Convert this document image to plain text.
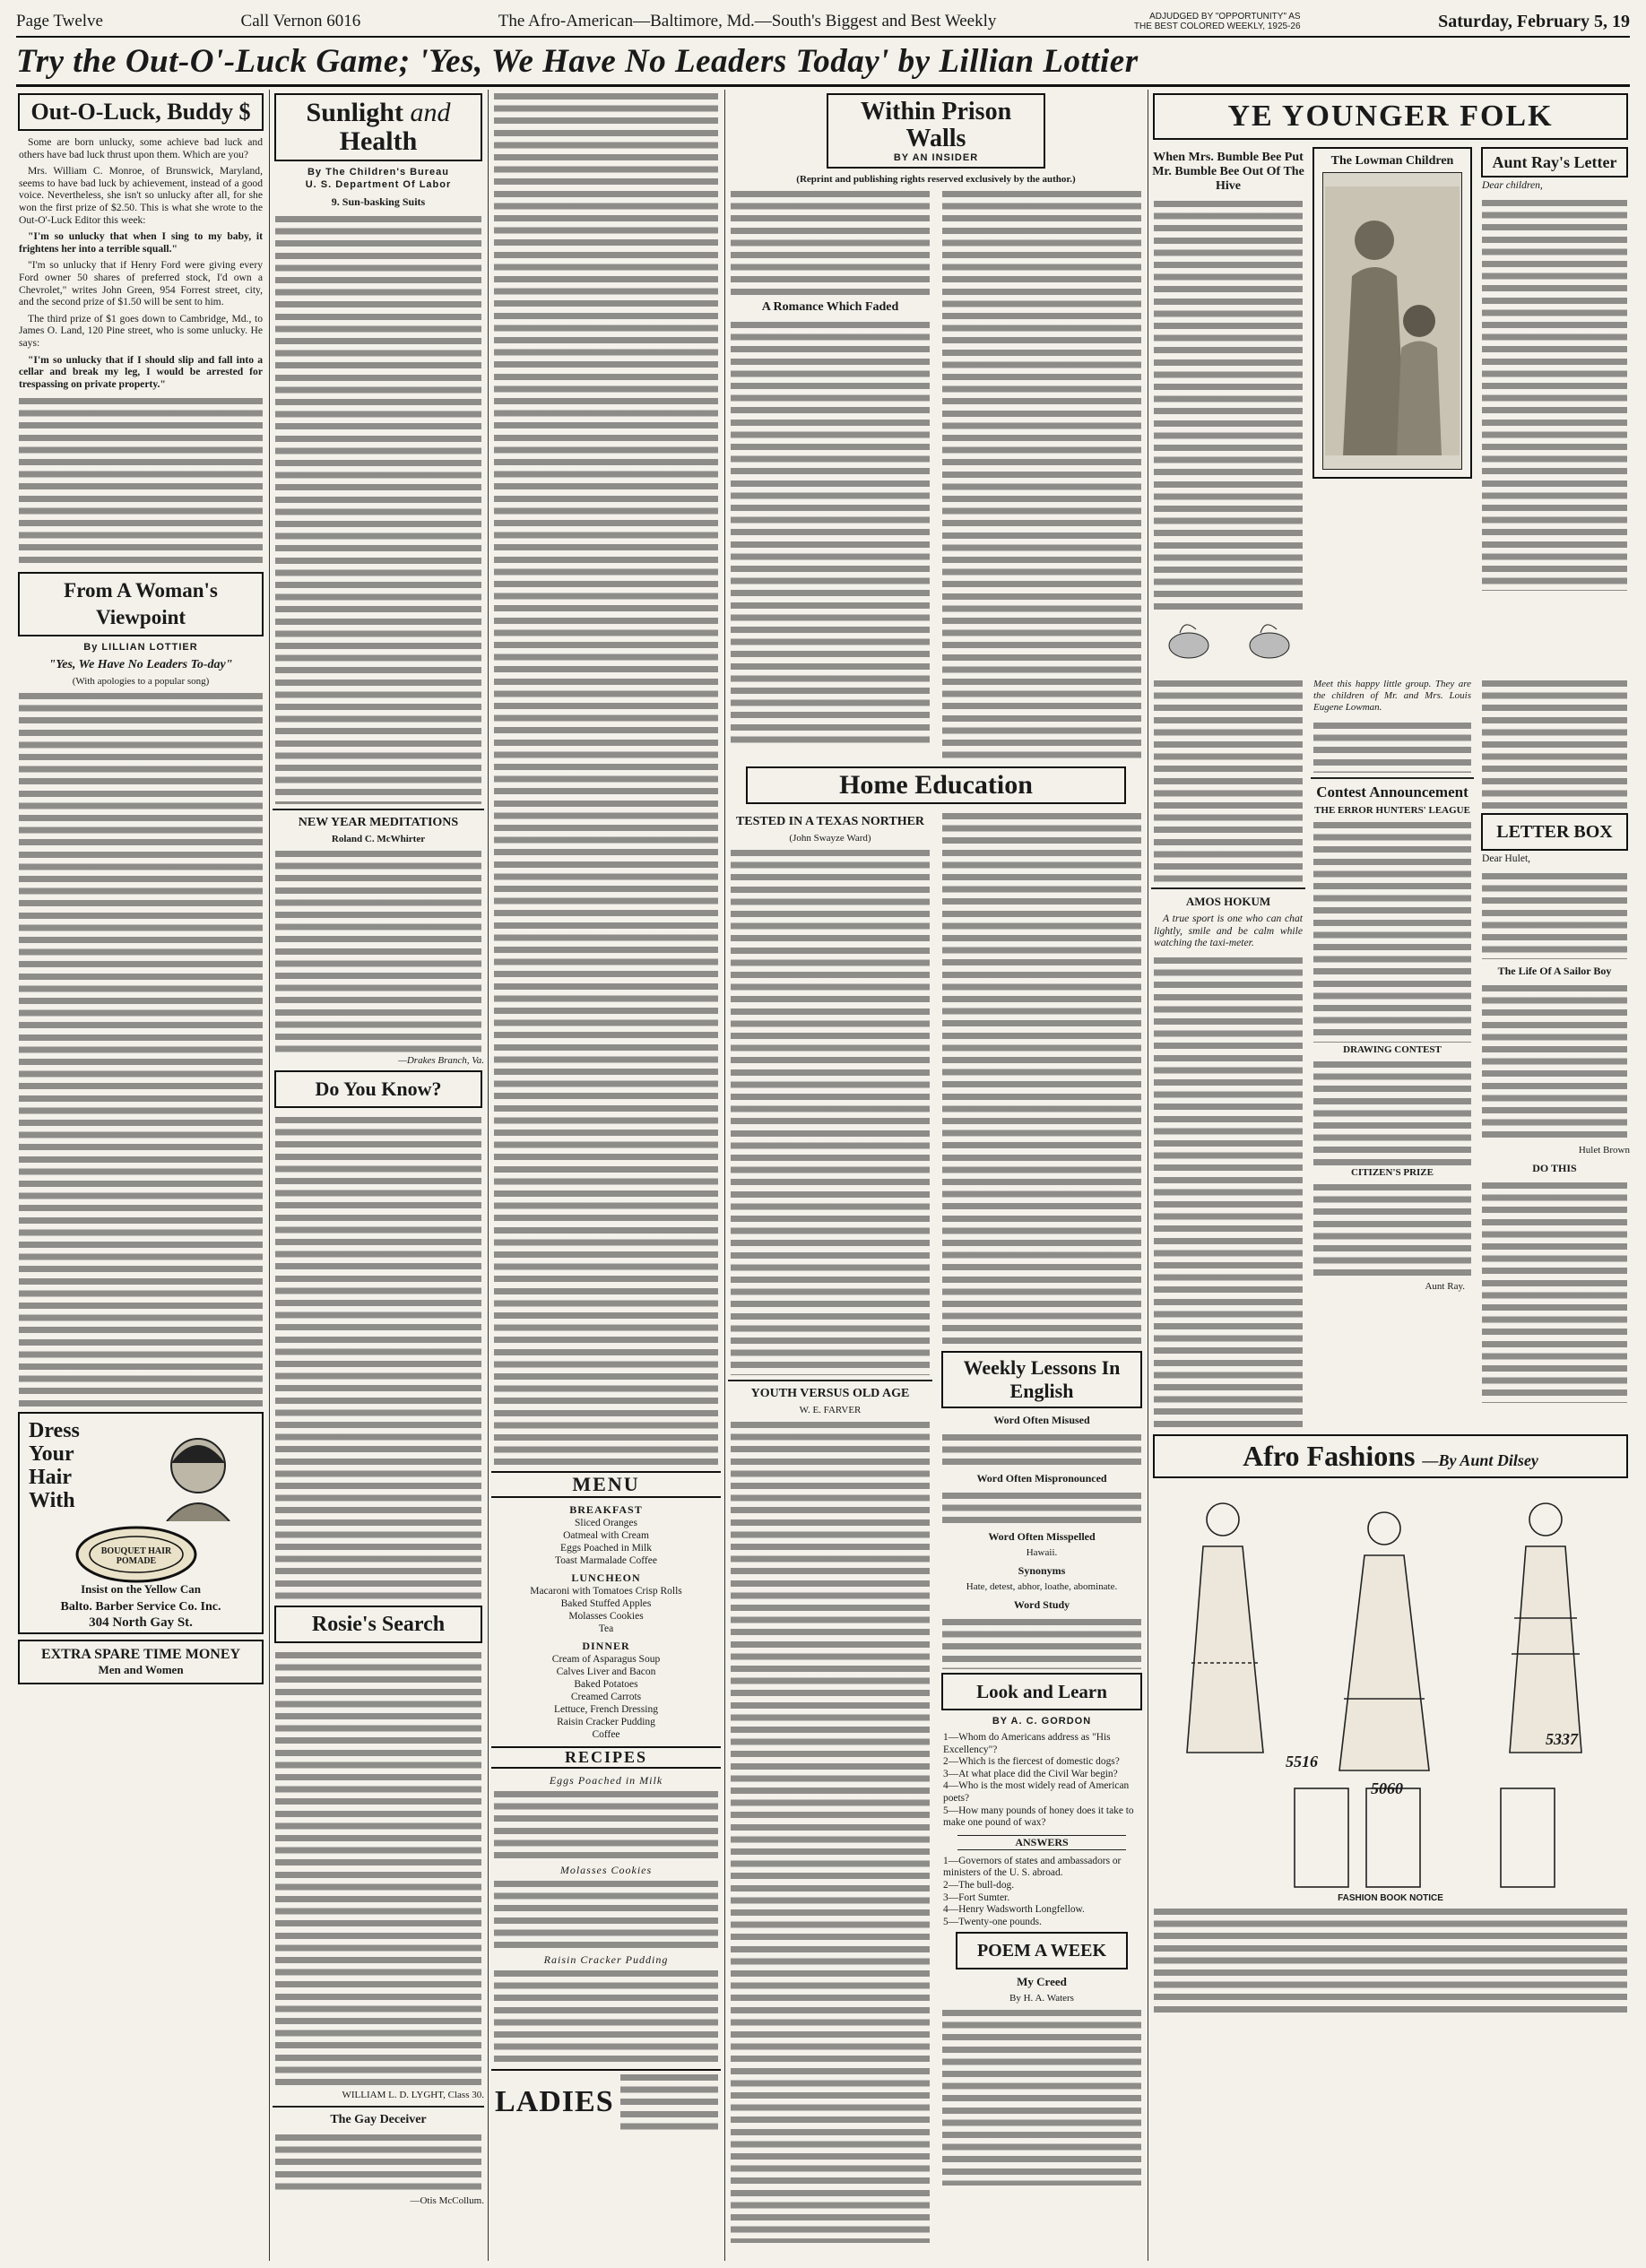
Page Twelve	Call Vernon 6016	The Afro-American—Baltimore, Md.—South's Biggest and Best Weekly	ADJUDGED BY "OPPORTUNITY" AS
THE BEST COLORED WEEKLY, 1925-26	Saturday, February 5, 19
Try the Out-O'-Luck Game; 'Yes, We Have No Leaders Today' by Lillian Lottier
Out-O-Luck, Buddy $

Some are born unlucky, some achieve bad luck and others have bad luck thrust upon them. Which are you?

Mrs. William C. Monroe, of Brunswick, Maryland, seems to have bad luck by achievement, instead of a good voice. Nevertheless, she isn't so unlucky after all, for she won the first prize of $2.50. This is what she wrote to the Out-O'-Luck Editor this week:

"I'm so unlucky that when I sing to my baby, it frightens her into a terrible squall."

"I'm so unlucky that if Henry Ford were giving every Ford owner 50 shares of preferred stock, I'd own a Chevrolet," writes John Green, 954 Forrest street, city, and the second prize of $1.50 will be sent to him.

The third prize of $1 goes down to Cambridge, Md., to James O. Land, 120 Pine street, who is some unlucky. He says:

"I'm so unlucky that if I should slip and fall into a cellar and break my leg, I would be arrested for trespassing on private property."

From A Woman's Viewpoint
By LILLIAN LOTTIER
"Yes, We Have No Leaders To-day"
(With apologies to a popular song)
Dress
Your
Hair
With
BOUQUET HAIR POMADE
Insist on the Yellow Can
Balto. Barber Service Co. Inc.
304 North Gay St.
EXTRA SPARE TIME MONEY
Men and Women
Sunlight and
Health
By The Children's Bureau
U. S. Department Of Labor
9. Sun-basking Suits
NEW YEAR MEDITATIONS
Roland C. McWhirter
—Drakes Branch, Va.
Do You Know?
Rosie's Search
WILLIAM L. D. LYGHT, Class 30.
The Gay Deceiver
—Otis McCollum.
MENU
BREAKFAST
Sliced Oranges
Oatmeal with Cream
Eggs Poached in Milk
Toast Marmalade Coffee
LUNCHEON
Macaroni with Tomatoes Crisp Rolls
Baked Stuffed Apples
Molasses Cookies
Tea
DINNER
Cream of Asparagus Soup
Calves Liver and Bacon
Baked Potatoes
Creamed Carrots
Lettuce, French Dressing
Raisin Cracker Pudding
Coffee
RECIPES
Eggs Poached in Milk
Molasses Cookies
Raisin Cracker Pudding
LADIES
Within Prison Walls
BY AN INSIDER
(Reprint and publishing rights reserved exclusively by the author.)
A Romance Which Faded
Home Education
TESTED IN A TEXAS NORTHER
(John Swayze Ward)
YOUTH VERSUS OLD AGE
W. E. FARVER
Weekly Lessons In English
Word Often Misused
Word Often Mispronounced
Word Often Misspelled
Hawaii.
Synonyms
Hate, detest, abhor, loathe, abominate.
Word Study
Look and Learn
BY A. C. GORDON
1—Whom do Americans address as "His Excellency"?
2—Which is the fiercest of domestic dogs?
3—At what place did the Civil War begin?
4—Who is the most widely read of American poets?
5—How many pounds of honey does it take to make one pound of wax?
ANSWERS
1—Governors of states and ambassadors or ministers of the U. S. abroad.
2—The bull-dog.
3—Fort Sumter.
4—Henry Wadsworth Longfellow.
5—Twenty-one pounds.
POEM A WEEK
My Creed
By H. A. Waters
YE YOUNGER FOLK
When Mrs. Bumble Bee Put Mr. Bumble Bee Out Of The Hive
The Lowman Children	Aunt Ray's Letter
Dear children,
AMOS HOKUM
A true sport is one who can chat lightly, smile and be calm while watching the taxi-meter.
Meet this happy little group. They are the children of Mr. and Mrs. Louis Eugene Lowman.
Contest Announcement
THE ERROR HUNTERS' LEAGUE
DRAWING CONTEST
CITIZEN'S PRIZE
Aunt Ray.
LETTER BOX
Dear Hulet,
The Life Of A Sailor Boy
Hulet Brown
DO THIS
Afro Fashions —By Aunt Dilsey
5516
5060
5337
FASHION BOOK NOTICE
